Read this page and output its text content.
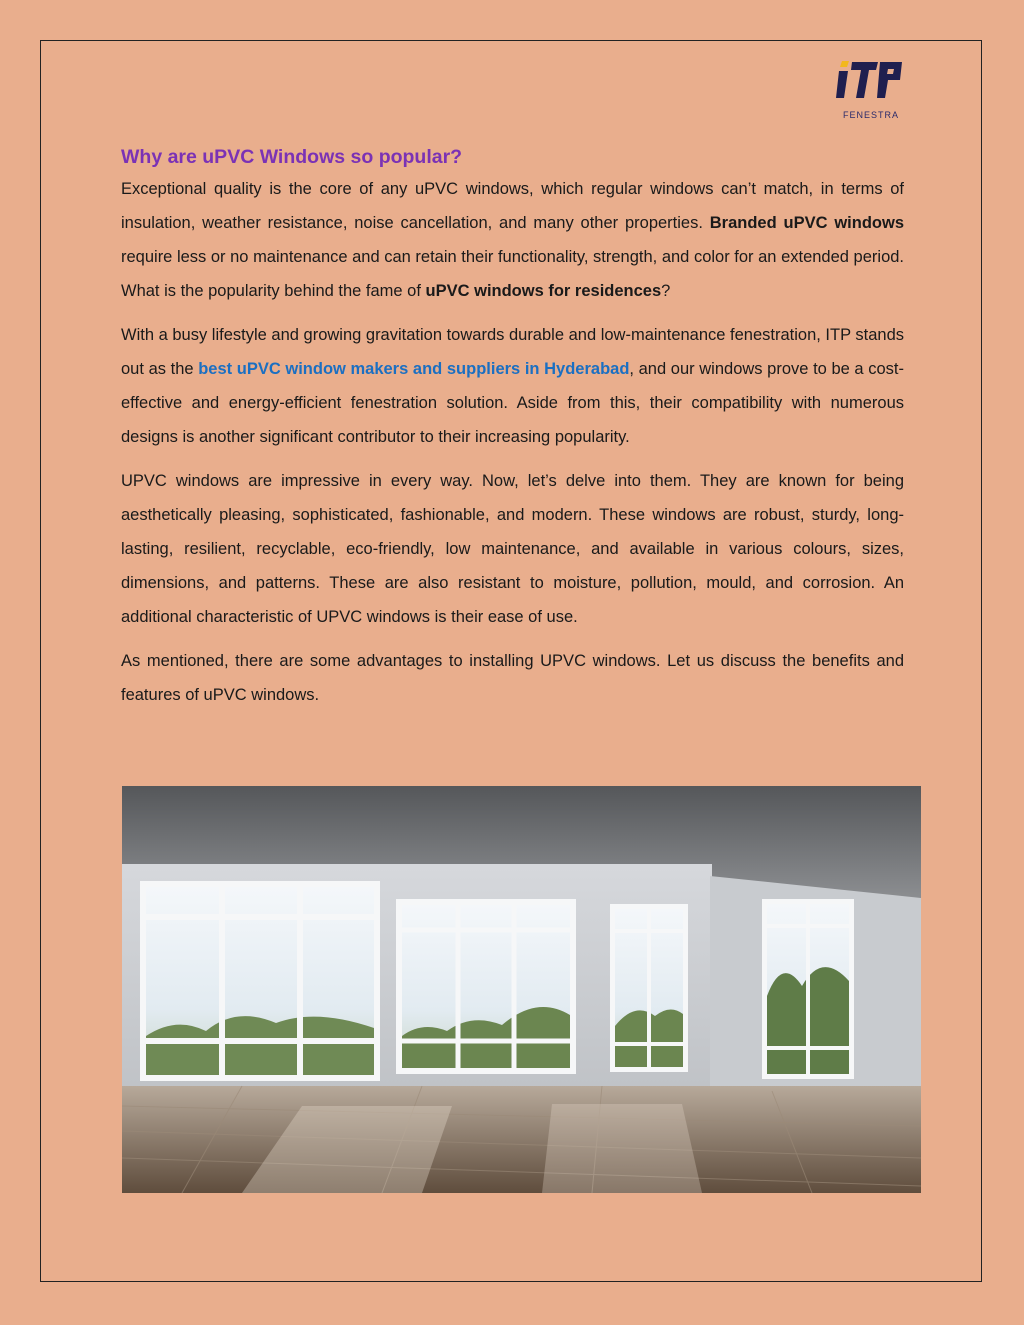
FENESTRA
Why are uPVC Windows so popular?

Exceptional quality is the core of any uPVC windows, which regular windows can’t match, in terms of insulation, weather resistance, noise cancellation, and many other properties. Branded uPVC windows require less or no maintenance and can retain their functionality, strength, and color for an extended period. What is the popularity behind the fame of uPVC windows for residences?

With a busy lifestyle and growing gravitation towards durable and low-maintenance fenestration, ITP stands out as the best uPVC window makers and suppliers in Hyderabad, and our windows prove to be a cost-effective and energy-efficient fenestration solution. Aside from this, their compatibility with numerous designs is another significant contributor to their increasing popularity.

UPVC windows are impressive in every way. Now, let’s delve into them. They are known for being aesthetically pleasing, sophisticated, fashionable, and modern. These windows are robust, sturdy, long-lasting, resilient, recyclable, eco-friendly, low maintenance, and available in various colours, sizes, dimensions, and patterns. These are also resistant to moisture, pollution, mould, and corrosion. An additional characteristic of UPVC windows is their ease of use.

As mentioned, there are some advantages to installing UPVC windows. Let us discuss the benefits and features of uPVC windows.
